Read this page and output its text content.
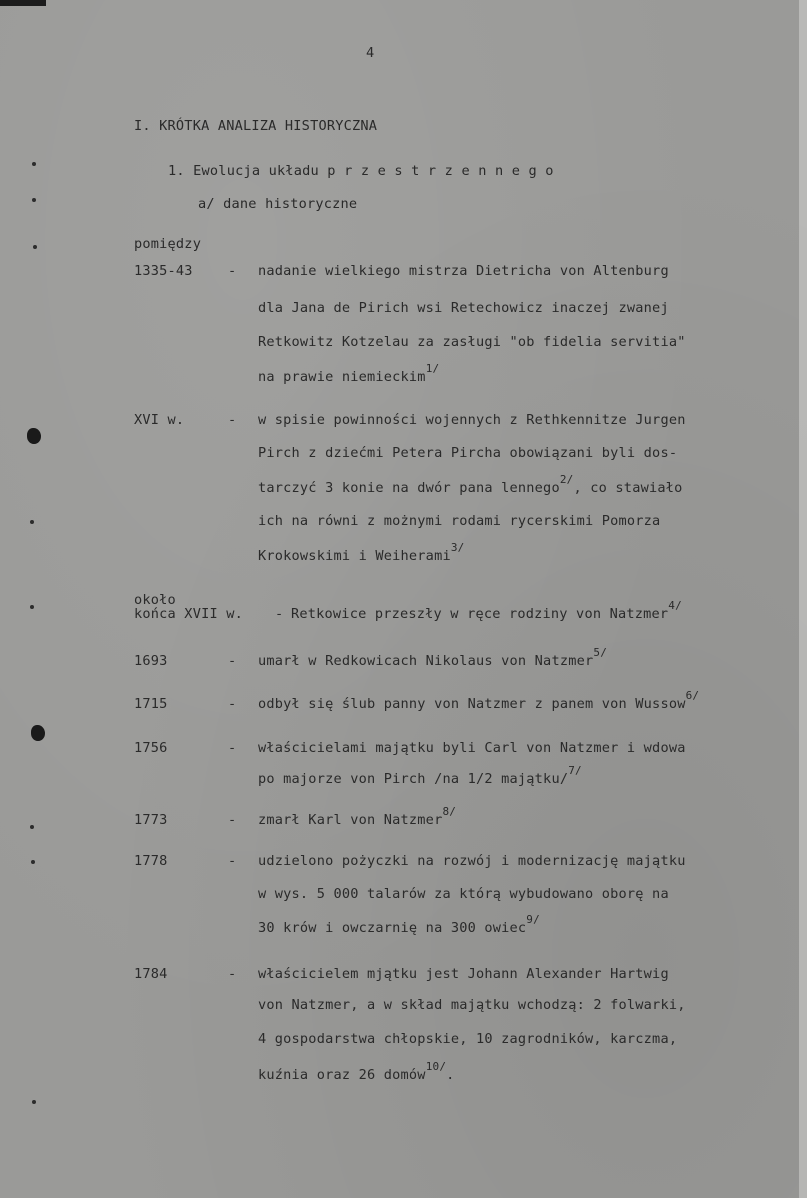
4
I. KRÓTKA ANALIZA HISTORYCZNA
1. Ewolucja układu p r z e s t r z e n n e g o
a/ dane historyczne
pomiędzy
1335-43	- nadanie wielkiego mistrza Dietricha von Altenburg
dla Jana de Pirich wsi Retechowicz inaczej zwanej
Retkowitz Kotzelau za zasługi "ob fidelia servitia"
na prawie niemieckim$^{1/}$
XVI w.	- w spisie powinności wojennych z Rethkennitze Jurgen
Pirch z dziećmi Petera Pircha obowiązani byli dos-
tarczyć 3 konie na dwór pana lennego$^{2/}$, co stawiało
ich na równi z możnymi rodami rycerskimi Pomorza
Krokowskimi i Weiherami$^{3/}$
około
końca XVII w. - Retkowice przeszły w ręce rodziny von Natzmer$^{4/}$
1693	- umarł w Redkowicach Nikolaus von Natzmer$^{5/}$
1715	- odbył się ślub panny von Natzmer z panem von Wussow$^{6/}$
1756	- właścicielami majątku byli Carl von Natzmer i wdowa
po majorze von Pirch /na 1/2 majątku/$^{7/}$
1773	- zmarł Karl von Natzmer$^{8/}$
1778	- udzielono pożyczki na rozwój i modernizację majątku
w wys. 5 000 talarów za którą wybudowano oborę na
30 krów i owczarnię na 300 owiec$^{9/}$
1784	- właścicielem mjątku jest Johann Alexander Hartwig
von Natzmer, a w skład majątku wchodzą: 2 folwarki,
4 gospodarstwa chłopskie, 10 zagrodników, karczma,
kuźnia oraz 26 domów$^{10/}$.
